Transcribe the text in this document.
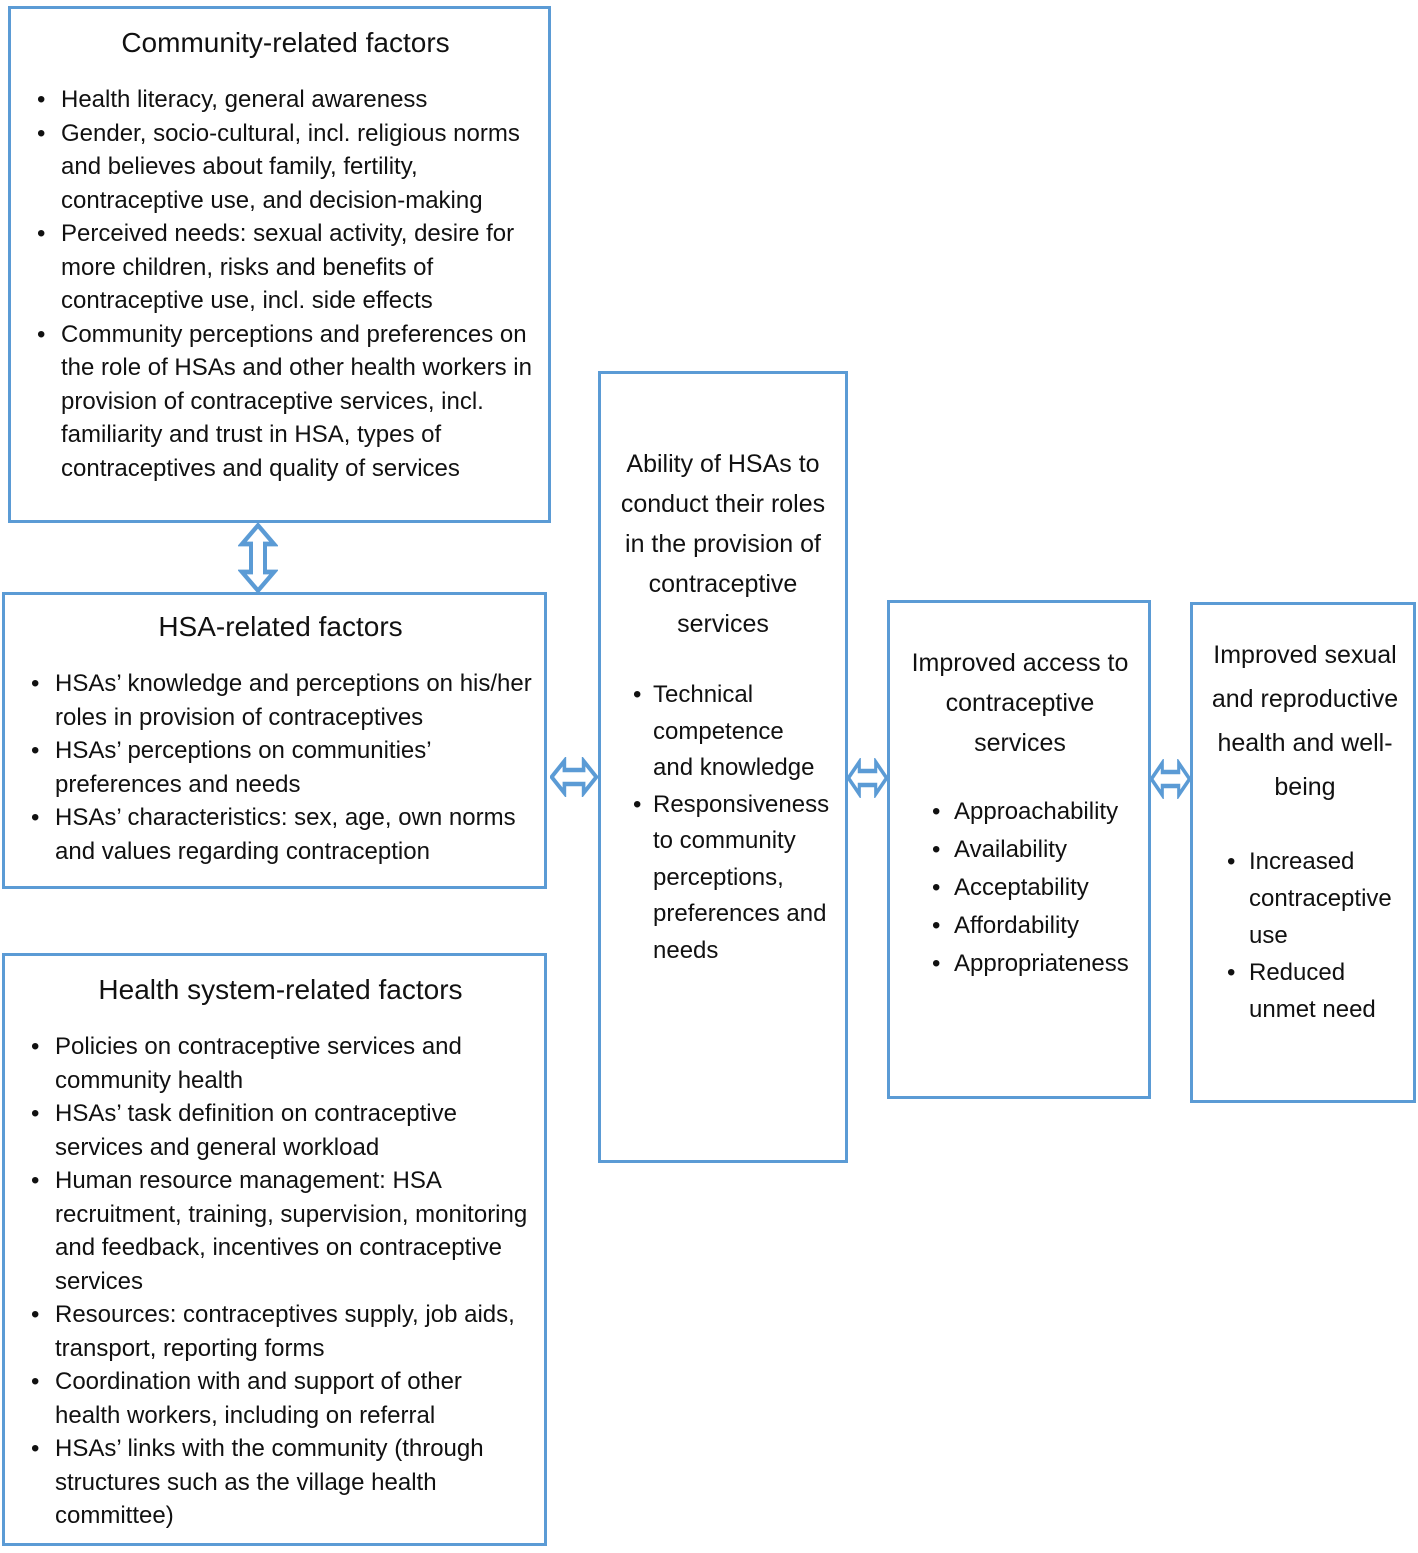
Community-related factors
• Health literacy, general awareness
• Gender, socio-cultural, incl. religious norms and believes about family, fertility, contraceptive use, and decision-making
• Perceived needs: sexual activity, desire for more children, risks and benefits of contraceptive use, incl. side effects
• Community perceptions and preferences on the role of HSAs and other health workers in provision of contraceptive services, incl. familiarity and trust in HSA, types of contraceptives and quality of services
HSA-related factors
• HSAs’ knowledge and perceptions on his/her roles in provision of contraceptives
• HSAs’ perceptions on communities’ preferences and needs
• HSAs’ characteristics: sex, age, own norms and values regarding contraception
Health system-related factors
• Policies on contraceptive services and community health
• HSAs’ task definition on contraceptive services and general workload
• Human resource management: HSA recruitment, training, supervision, monitoring and feedback, incentives on contraceptive services
• Resources: contraceptives supply, job aids, transport, reporting forms
• Coordination with and support of other health workers, including on referral
• HSAs’ links with the community (through structures such as the village health committee)
Ability of HSAs to conduct their roles in the provision of contraceptive services
• Technical competence and knowledge
• Responsiveness to community perceptions, preferences and needs
Improved access to contraceptive services
• Approachability
• Availability
• Acceptability
• Affordability
• Appropriateness
Improved sexual and reproductive health and well-being
• Increased contraceptive use
• Reduced unmet need
